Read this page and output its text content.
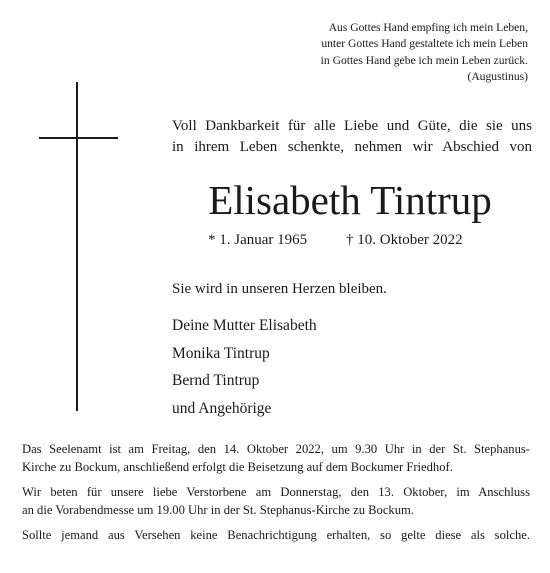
Aus Gottes Hand empfing ich mein Leben,
unter Gottes Hand gestaltete ich mein Leben
in Gottes Hand gebe ich mein Leben zurück.
(Augustinus)
Voll Dankbarkeit für alle Liebe und Güte, die sie uns
in ihrem Leben schenkte, nehmen wir Abschied von
Elisabeth Tintrup
* 1. Januar 1965	† 10. Oktober 2022
Sie wird in unseren Herzen bleiben.
Deine Mutter Elisabeth
Monika Tintrup
Bernd Tintrup
und Angehörige

Das Seelenamt ist am Freitag, den 14. Oktober 2022, um 9.30 Uhr in der St. Stephanus-
Kirche zu Bockum, anschließend erfolgt die Beisetzung auf dem Bockumer Friedhof.

Wir beten für unsere liebe Verstorbene am Donnerstag, den 13. Oktober, im Anschluss
an die Vorabendmesse um 19.00 Uhr in der St. Stephanus-Kirche zu Bockum.

Sollte jemand aus Versehen keine Benachrichtigung erhalten, so gelte diese als solche.
